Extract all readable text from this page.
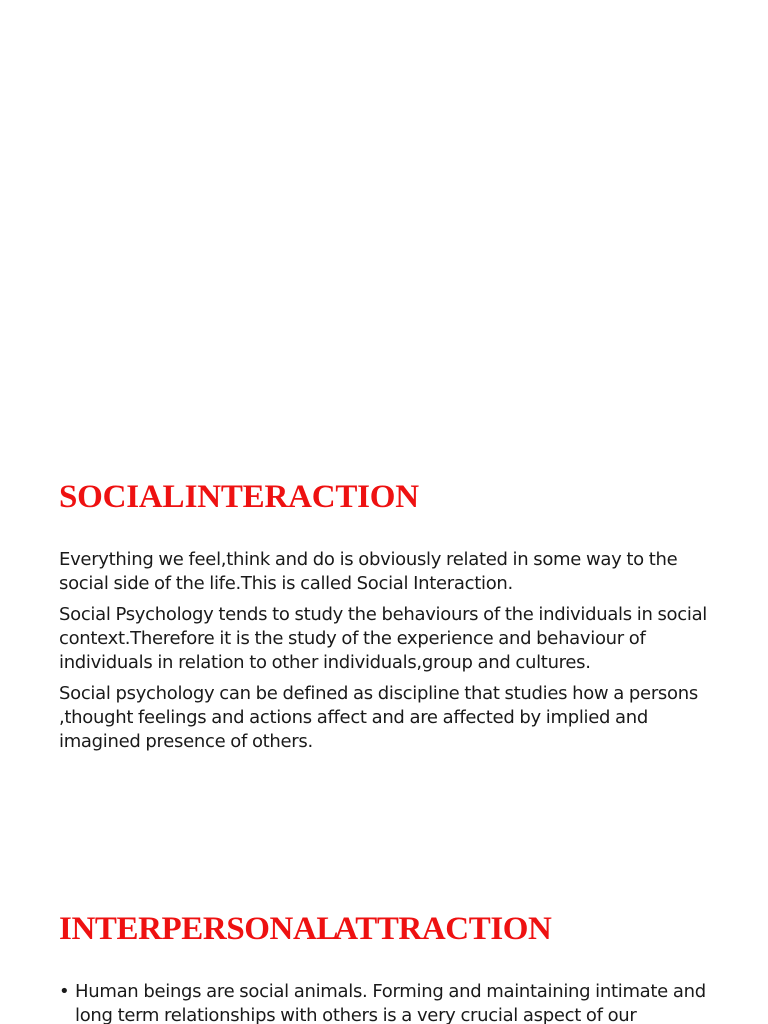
SOCIAL INTERACTION

Everything we feel,think and do is obviously related in some way to the social side of the life.This is called Social Interaction.

Social Psychology tends to study the behaviours of the individuals in social context.Therefore it is the study of the experience and behaviour of individuals in relation to other individuals,group and cultures.

Social psychology can be defined as discipline that studies how a persons ,thought feelings and actions affect and are affected by implied and imagined presence of others.

INTERPERSONAL ATTRACTION
• Human beings are social animals. Forming and maintaining intimate and long term relationships with others is a very crucial aspect of our
